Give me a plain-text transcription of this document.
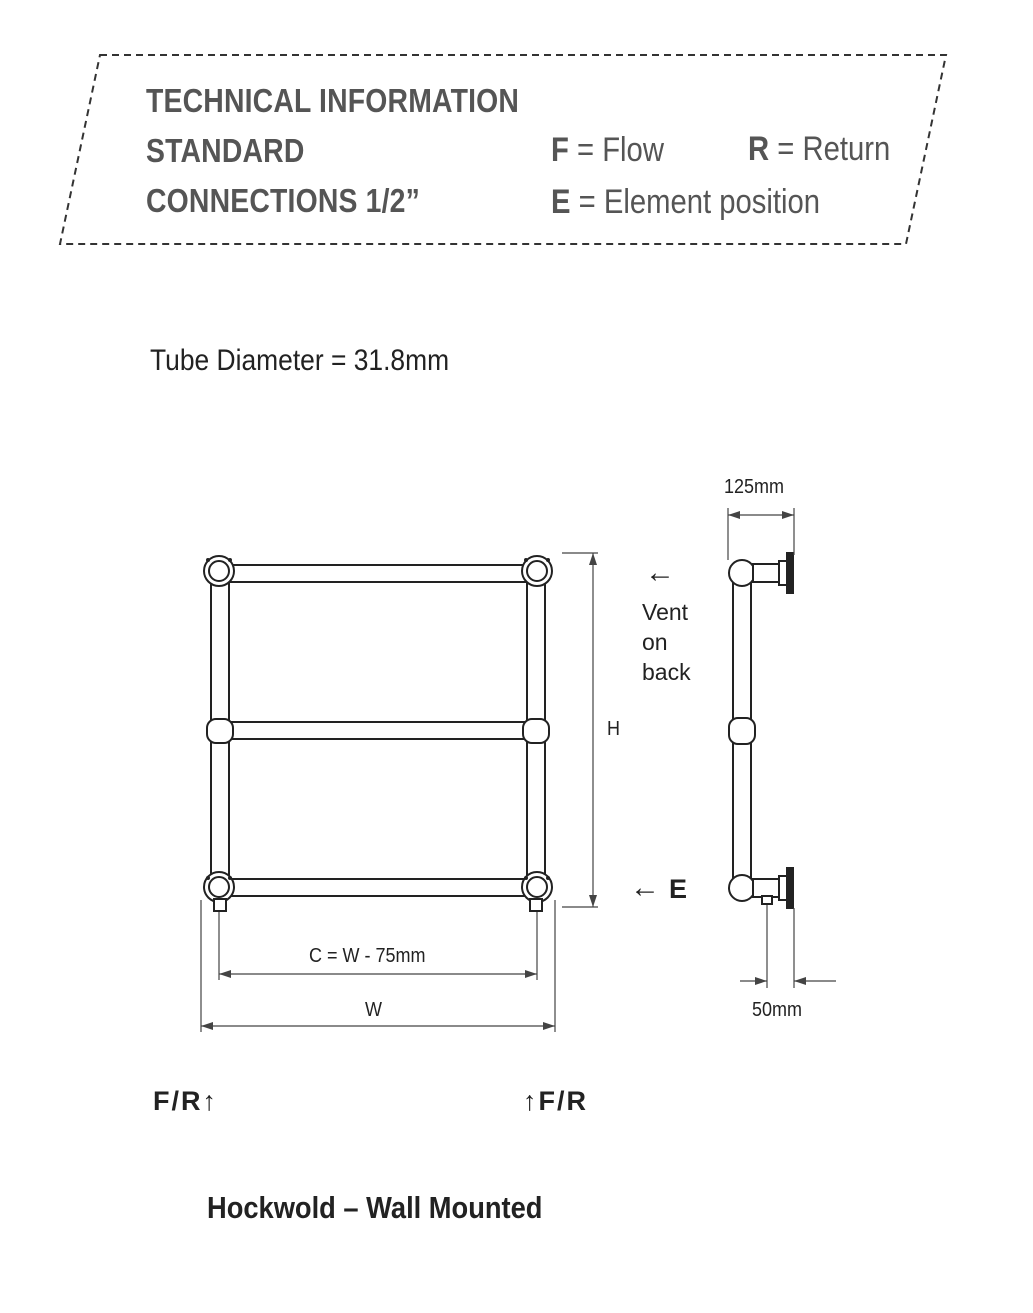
TECHNICAL INFORMATION
STANDARD
CONNECTIONS 1/2”
F = Flow R = Return
E = Element position
Tube Diameter = 31.8mm
125mm
H
C = W - 75mm
W	50mm
←
Vent
on
back
← E
F/R↑	↑F/R
Hockwold – Wall Mounted
